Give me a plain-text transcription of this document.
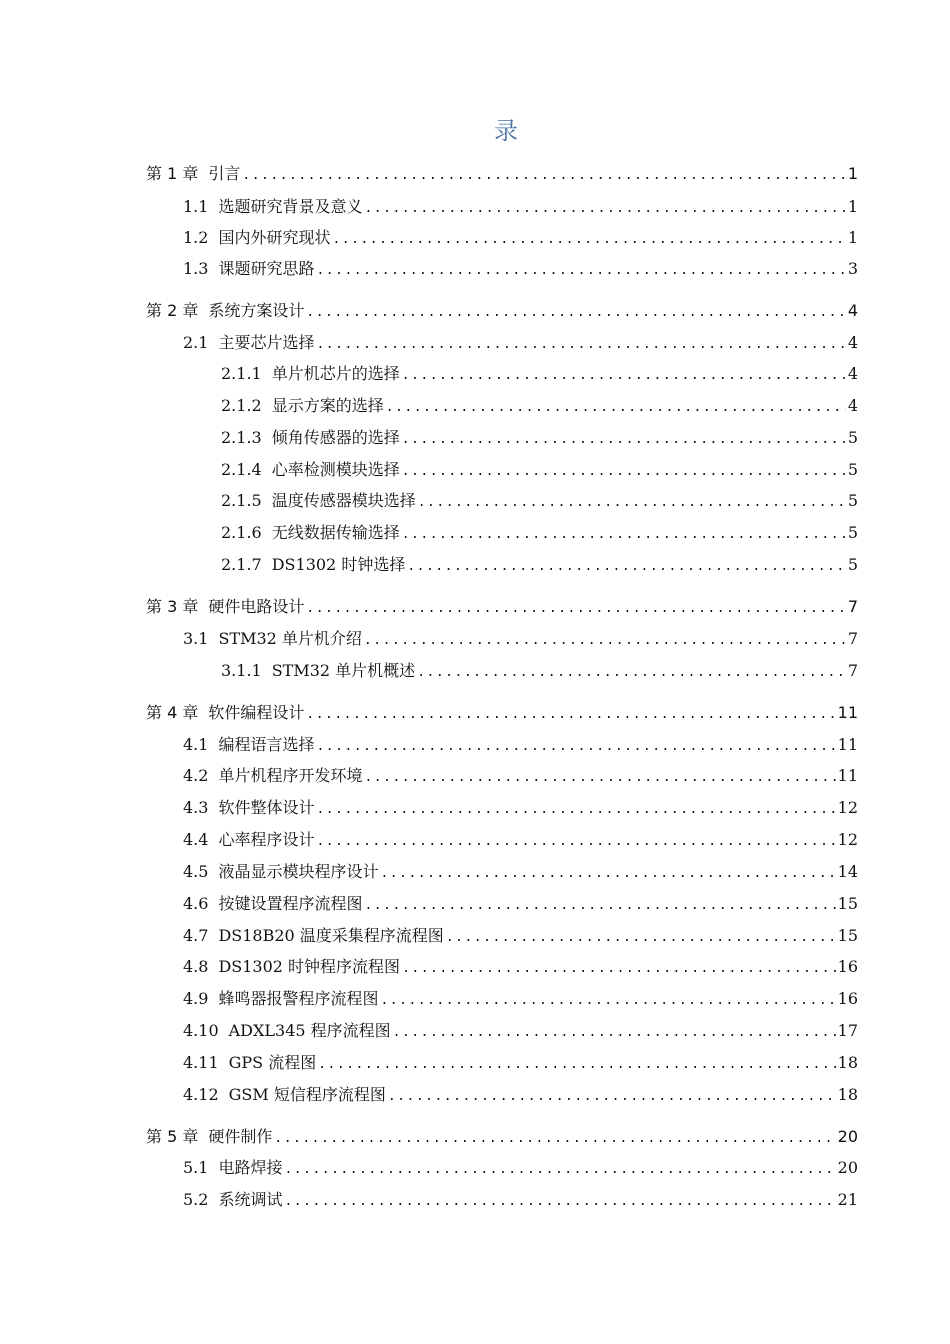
录
第 1 章 引言 .....	1
1.1 选题研究背景及意义 .....	1
1.2 国内外研究现状 .....	1
1.3 课题研究思路 .....	3
第 2 章 系统方案设计 .....	4
2.1 主要芯片选择 .....	4
2.1.1 单片机芯片的选择 .....	4
2.1.2 显示方案的选择 .....	4
2.1.3 倾角传感器的选择 .....	5
2.1.4 心率检测模块选择 .....	5
2.1.5 温度传感器模块选择 .....	5
2.1.6 无线数据传输选择 .....	5
2.1.7 DS1302 时钟选择 .....	5
第 3 章 硬件电路设计 .....	7
3.1 STM32 单片机介绍 .....	7
3.1.1 STM32 单片机概述 .....	7
第 4 章 软件编程设计 .....	11
4.1 编程语言选择 .....	11
4.2 单片机程序开发环境 .....	11
4.3 软件整体设计 .....	12
4.4 心率程序设计 .....	12
4.5 液晶显示模块程序设计 .....	14
4.6 按键设置程序流程图 .....	15
4.7 DS18B20 温度采集程序流程图 .....	15
4.8 DS1302 时钟程序流程图 .....	16
4.9 蜂鸣器报警程序流程图 .....	16
4.10 ADXL345 程序流程图 .....	17
4.11 GPS 流程图 .....	18
4.12 GSM 短信程序流程图 .....	18
第 5 章 硬件制作 .....	20
5.1 电路焊接 .....	20
5.2 系统调试 .....	21
